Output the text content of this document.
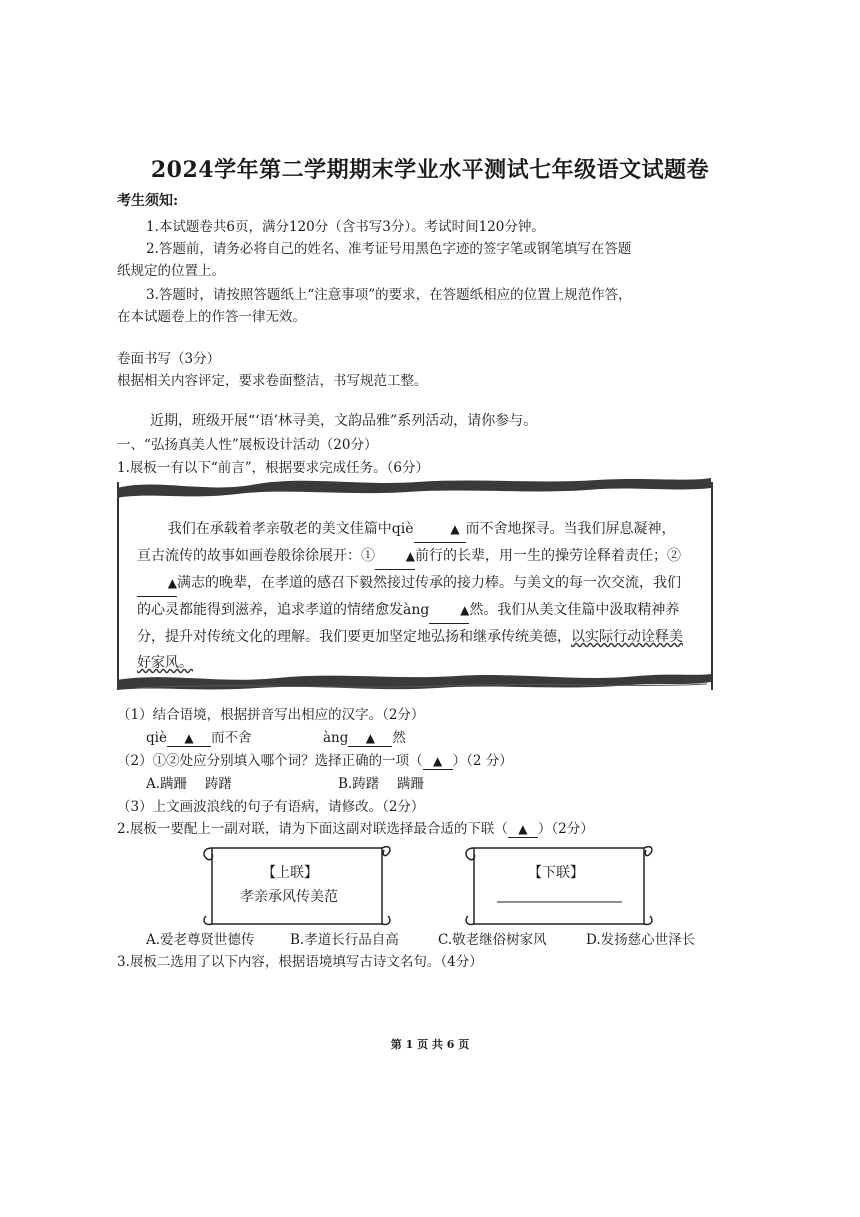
2024学年第二学期期末学业水平测试七年级语文试题卷
考生须知:
1.本试题卷共6页，满分120分（含书写3分）。考试时间120分钟。
2.答题前，请务必将自己的姓名、准考证号用黑色字迹的签字笔或钢笔填写在答题
纸规定的位置上。
3.答题时，请按照答题纸上“注意事项”的要求，在答题纸相应的位置上规范作答，
在本试题卷上的作答一律无效。
卷面书写（3分）
根据相关内容评定，要求卷面整洁，书写规范工整。
近期，班级开展“‘语’林寻美，文韵品雅”系列活动，请你参与。
一、“弘扬真美人性”展板设计活动（20分）
1.展板一有以下“前言”，根据要求完成任务。（6分）

我们在承载着孝亲敬老的美文佳篇中qiè	▲ 而不舍地探寻。当我们屏息凝神，亘古流传的故事如画卷般徐徐展开：①	▲前行的长辈，用一生的操劳诠释着责任；②▲满志的晚辈，在孝道的感召下毅然接过传承的接力棒。与美文的每一次交流，我们的心灵都能得到滋养，追求孝道的情绪愈发àng	▲然。我们从美文佳篇中汲取精神养分，提升对传统文化的理解。我们要更加坚定地弘扬和继承传统美德，以实际行动诠释美好家风。

（1）结合语境，根据拼音写出相应的汉字。（2分）
qiè ▲ 而不舍	àng ▲ 然
（2）①②处应分别填入哪个词？选择正确的一项（ ▲ ）（2 分）
A.蹒跚　 踌躇	B.踌躇　 蹒跚
（3）上文画波浪线的句子有语病，请修改。（2分）
2.展板一要配上一副对联，请为下面这副对联选择最合适的下联（ ▲ ）（2分）
【上联】
孝亲承风传美范
【下联】
A.爱老尊贤世德传	B.孝道长行品自高	C.敬老继俗树家风	D.发扬慈心世泽长
3.展板二选用了以下内容，根据语境填写古诗文名句。（4分）
第 1 页 共 6 页
